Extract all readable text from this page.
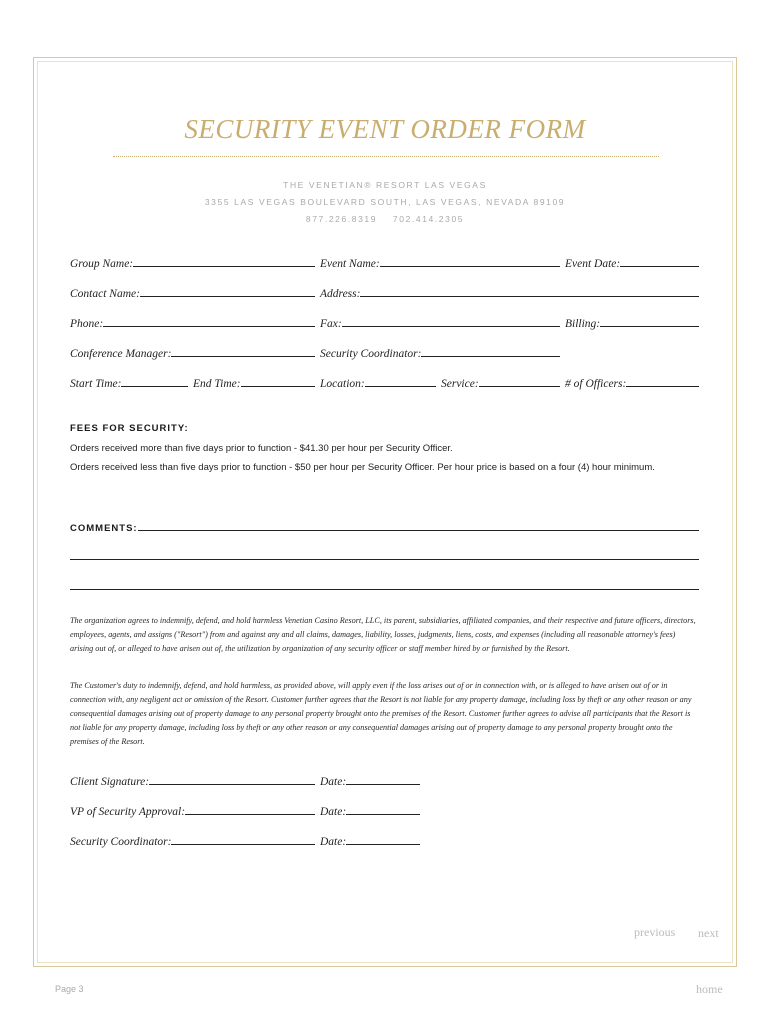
SECURITY EVENT ORDER FORM
THE VENETIAN® RESORT LAS VEGAS
3355 LAS VEGAS BOULEVARD SOUTH, LAS VEGAS, NEVADA 89109
877.226.8319    702.414.2305
Group Name:	Event Name:	Event Date:
Contact Name:	Address:
Phone:	Fax:	Billing:
Conference Manager:	Security Coordinator:
Start Time:	End Time:	Location:	Service:	# of Officers:
FEES FOR SECURITY:
Orders received more than five days prior to function - $41.30 per hour per Security Officer.
Orders received less than five days prior to function - $50 per hour per Security Officer. Per hour price is based on a four (4) hour minimum.
COMMENTS:
The organization agrees to indemnify, defend, and hold harmless Venetian Casino Resort, LLC, its parent, subsidiaries, affiliated companies, and their respective and future officers, directors, employees, agents, and assigns ("Resort") from and against any and all claims, damages, liability, losses, judgments, liens, costs, and expenses (including all reasonable attorney's fees) arising out of, or alleged to have arisen out of, the utilization by organization of any security officer or staff member hired by or furnished by the Resort.
The Customer's duty to indemnify, defend, and hold harmless, as provided above, will apply even if the loss arises out of or in connection with, or is alleged to have arisen out of or in connection with, any negligent act or omission of the Resort. Customer further agrees that the Resort is not liable for any property damage, including loss by theft or any other reason or any consequential damages arising out of property damage to any personal property brought onto the premises of the Resort. Customer further agrees to advise all participants that the Resort is not liable for any property damage, including loss by theft or any other reason or any consequential damages arising out of property damage to any personal property brought onto the premises of the Resort.
Client Signature:	Date:
VP of Security Approval:	Date:
Security Coordinator:	Date:
previous next
home
Page 3
